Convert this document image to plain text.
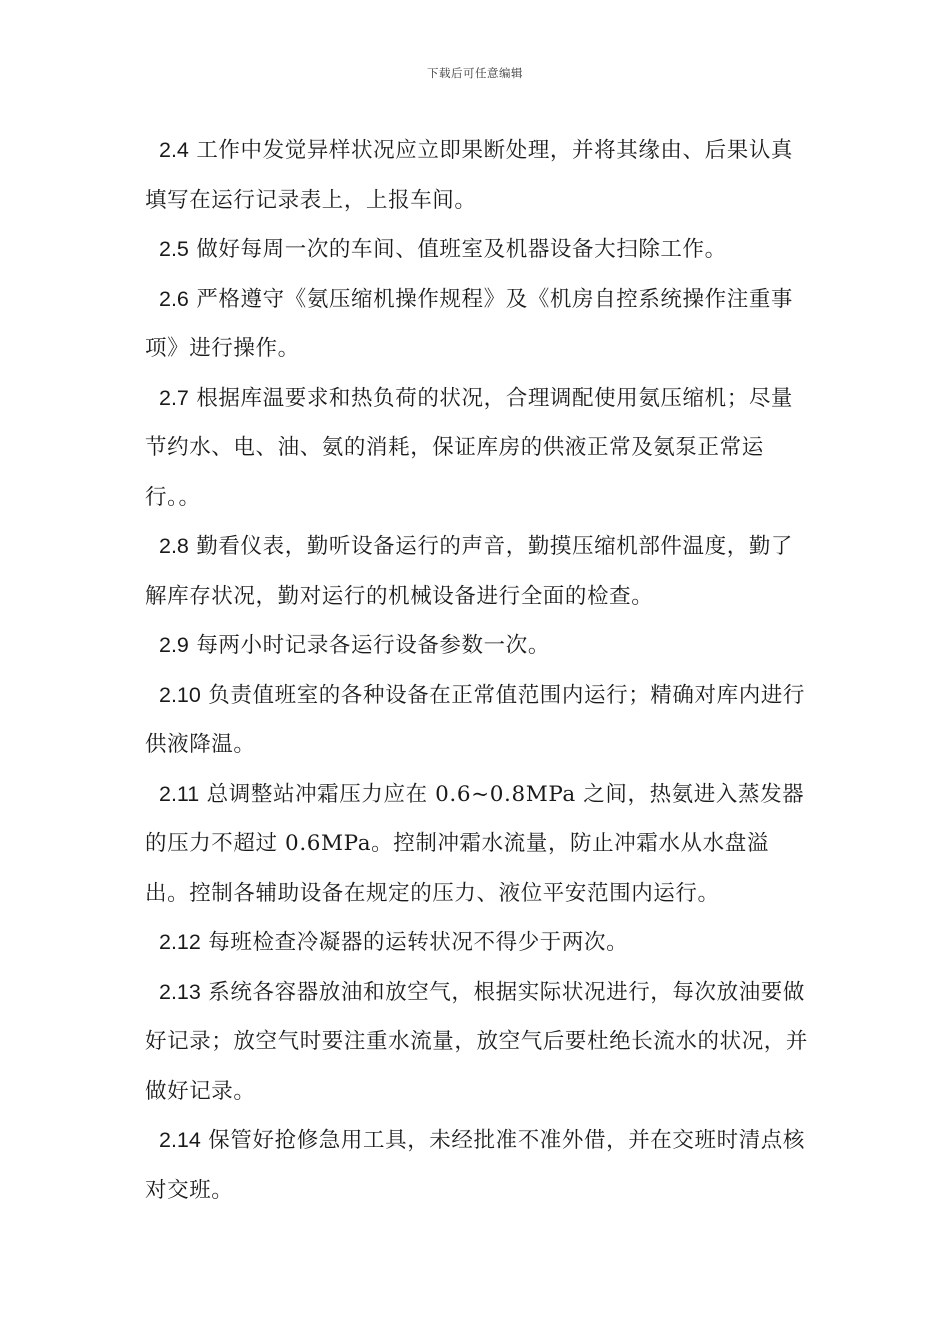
下载后可任意编辑

2.4 工作中发觉异样状况应立即果断处理，并将其缘由、后果认真填写在运行记录表上，上报车间。

2.5 做好每周一次的车间、值班室及机器设备大扫除工作。

2.6 严格遵守《氨压缩机操作规程》及《机房自控系统操作注重事项》进行操作。

2.7 根据库温要求和热负荷的状况，合理调配使用氨压缩机；尽量节约水、电、油、氨的消耗，保证库房的供液正常及氨泵正常运行。。

2.8 勤看仪表，勤听设备运行的声音，勤摸压缩机部件温度，勤了解库存状况，勤对运行的机械设备进行全面的检查。

2.9 每两小时记录各运行设备参数一次。

2.10 负责值班室的各种设备在正常值范围内运行；精确对库内进行供液降温。

2.11 总调整站冲霜压力应在 0.6~0.8MPa 之间，热氨进入蒸发器的压力不超过 0.6MPa。控制冲霜水流量，防止冲霜水从水盘溢出。控制各辅助设备在规定的压力、液位平安范围内运行。

2.12 每班检查冷凝器的运转状况不得少于两次。

2.13 系统各容器放油和放空气，根据实际状况进行，每次放油要做好记录；放空气时要注重水流量，放空气后要杜绝长流水的状况，并做好记录。

2.14 保管好抢修急用工具，未经批准不准外借，并在交班时清点核对交班。
